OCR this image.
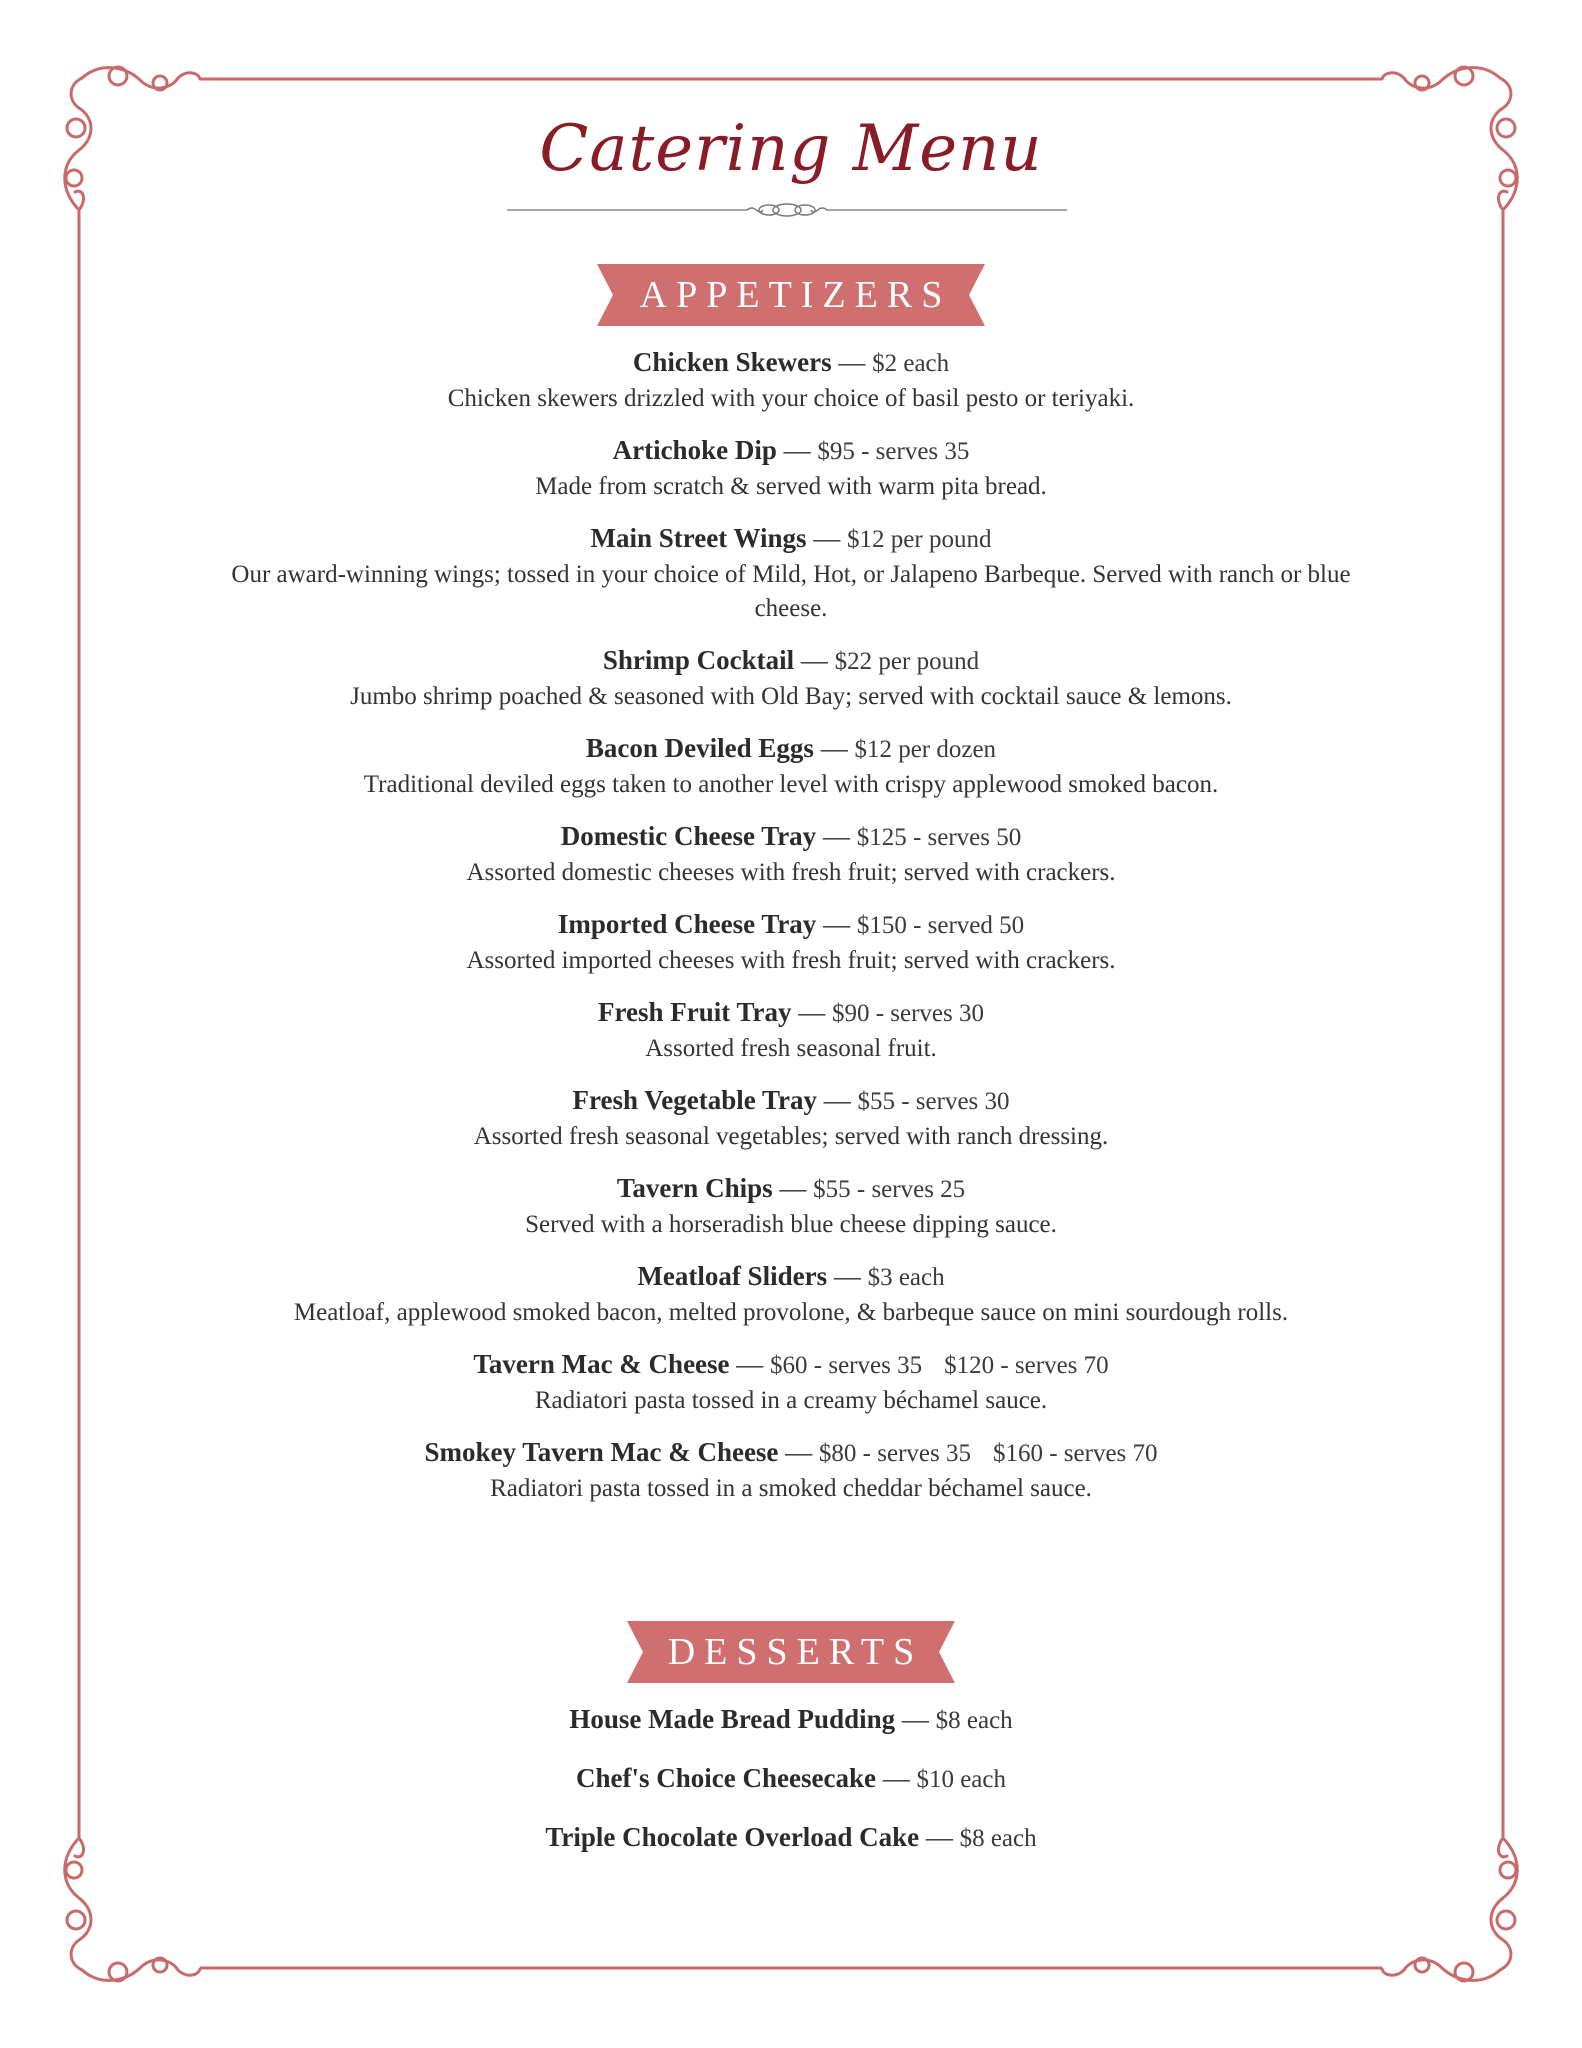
Catering Menu
APPETIZERS
Chicken Skewers — $2 each
Chicken skewers drizzled with your choice of basil pesto or teriyaki.
Artichoke Dip — $95 - serves 35
Made from scratch & served with warm pita bread.
Main Street Wings — $12 per pound
Our award-winning wings; tossed in your choice of Mild, Hot, or Jalapeno Barbeque. Served with ranch or blue cheese.
Shrimp Cocktail — $22 per pound
Jumbo shrimp poached & seasoned with Old Bay; served with cocktail sauce & lemons.
Bacon Deviled Eggs — $12 per dozen
Traditional deviled eggs taken to another level with crispy applewood smoked bacon.
Domestic Cheese Tray — $125 - serves 50
Assorted domestic cheeses with fresh fruit; served with crackers.
Imported Cheese Tray — $150 - served 50
Assorted imported cheeses with fresh fruit; served with crackers.
Fresh Fruit Tray — $90 - serves 30
Assorted fresh seasonal fruit.
Fresh Vegetable Tray — $55 - serves 30
Assorted fresh seasonal vegetables; served with ranch dressing.
Tavern Chips — $55 - serves 25
Served with a horseradish blue cheese dipping sauce.
Meatloaf Sliders — $3 each
Meatloaf, applewood smoked bacon, melted provolone, & barbeque sauce on mini sourdough rolls.
Tavern Mac & Cheese — $60 - serves 35 $120 - serves 70
Radiatori pasta tossed in a creamy béchamel sauce.
Smokey Tavern Mac & Cheese — $80 - serves 35 $160 - serves 70
Radiatori pasta tossed in a smoked cheddar béchamel sauce.
DESSERTS
House Made Bread Pudding — $8 each
Chef's Choice Cheesecake — $10 each
Triple Chocolate Overload Cake — $8 each
